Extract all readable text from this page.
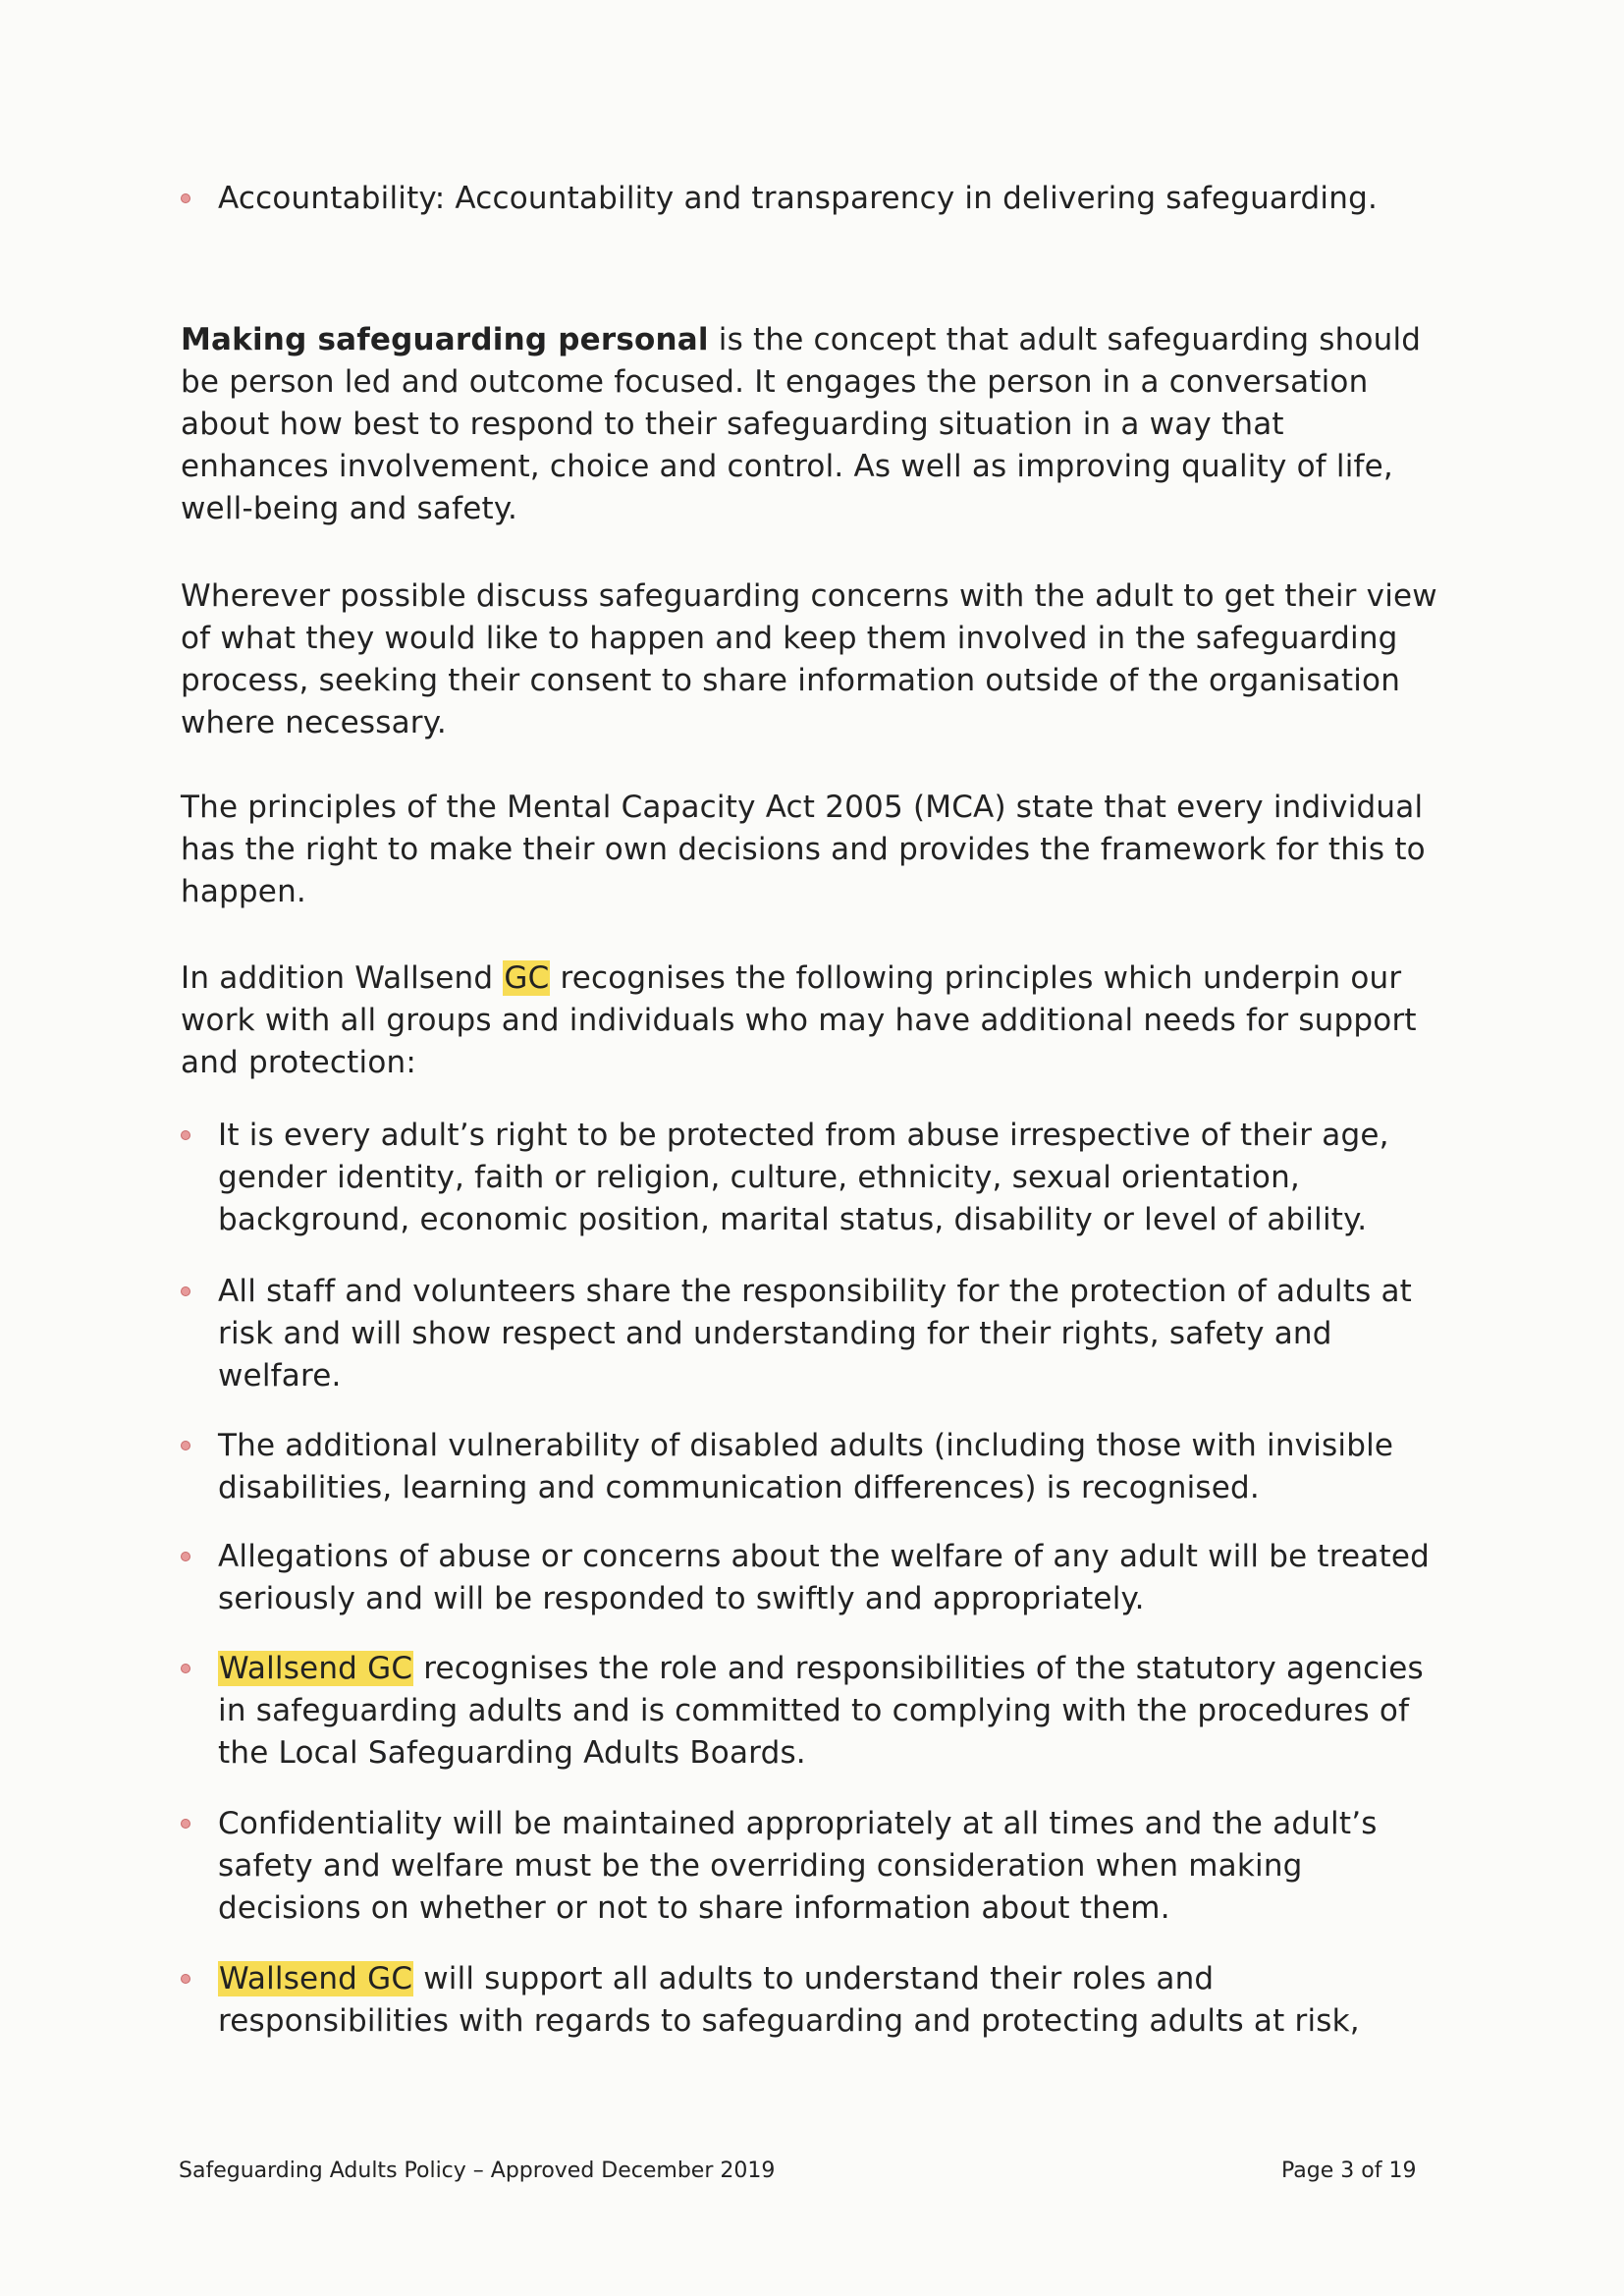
Accountability: Accountability and transparency in delivering safeguarding.
Making safeguarding personal is the concept that adult safeguarding should
be person led and outcome focused. It engages the person in a conversation
about how best to respond to their safeguarding situation in a way that
enhances involvement, choice and control. As well as improving quality of life,
well-being and safety.
Wherever possible discuss safeguarding concerns with the adult to get their view
of what they would like to happen and keep them involved in the safeguarding
process, seeking their consent to share information outside of the organisation
where necessary.
The principles of the Mental Capacity Act 2005 (MCA) state that every individual
has the right to make their own decisions and provides the framework for this to
happen.
In addition Wallsend GC recognises the following principles which underpin our
work with all groups and individuals who may have additional needs for support
and protection:
It is every adult’s right to be protected from abuse irrespective of their age,
gender identity, faith or religion, culture, ethnicity, sexual orientation,
background, economic position, marital status, disability or level of ability.
All staff and volunteers share the responsibility for the protection of adults at
risk and will show respect and understanding for their rights, safety and
welfare.
The additional vulnerability of disabled adults (including those with invisible
disabilities, learning and communication differences) is recognised.
Allegations of abuse or concerns about the welfare of any adult will be treated
seriously and will be responded to swiftly and appropriately.
Wallsend GC recognises the role and responsibilities of the statutory agencies
in safeguarding adults and is committed to complying with the procedures of
the Local Safeguarding Adults Boards.
Confidentiality will be maintained appropriately at all times and the adult’s
safety and welfare must be the overriding consideration when making
decisions on whether or not to share information about them.
Wallsend GC will support all adults to understand their roles and
responsibilities with regards to safeguarding and protecting adults at risk,
Safeguarding Adults Policy – Approved December 2019	Page 3 of 19
